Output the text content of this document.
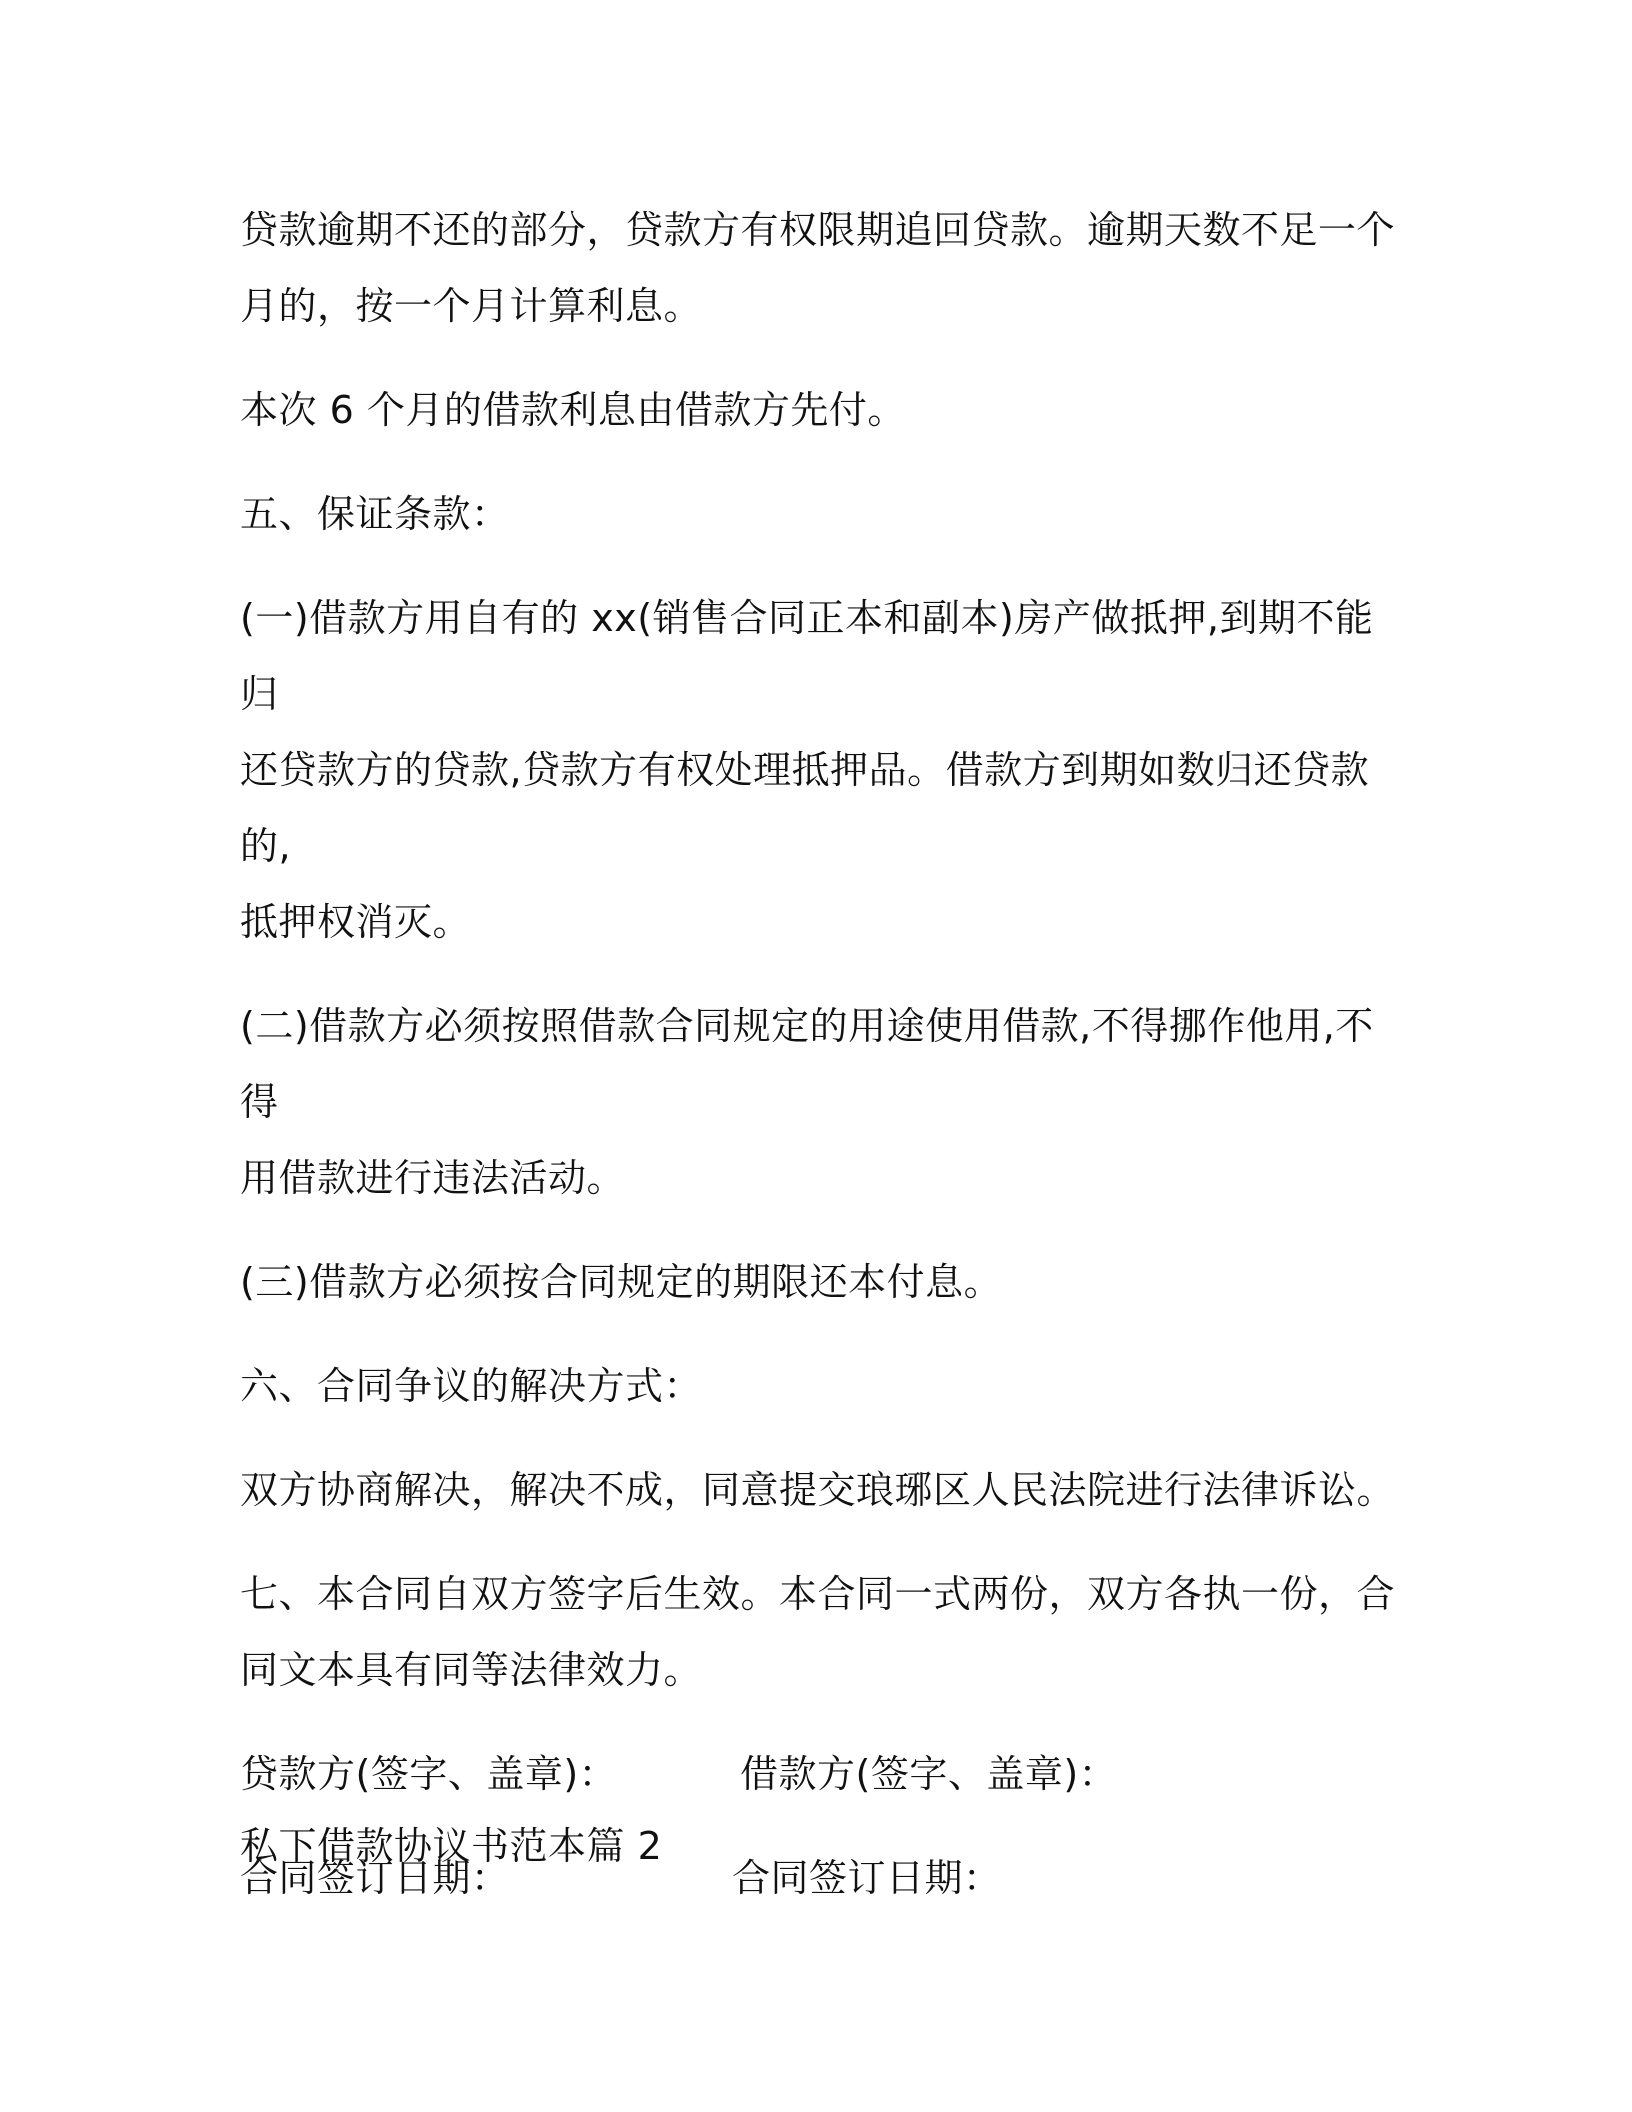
贷款逾期不还的部分，贷款方有权限期追回贷款。逾期天数不足一个
月的，按一个月计算利息。

本次 6 个月的借款利息由借款方先付。

五、保证条款：

(一)借款方用自有的 xx(销售合同正本和副本)房产做抵押,到期不能归
还贷款方的贷款,贷款方有权处理抵押品。借款方到期如数归还贷款的,
抵押权消灭。

(二)借款方必须按照借款合同规定的用途使用借款,不得挪作他用,不得
用借款进行违法活动。

(三)借款方必须按合同规定的期限还本付息。

六、合同争议的解决方式：

双方协商解决，解决不成，同意提交琅琊区人民法院进行法律诉讼。

七、本合同自双方签字后生效。本合同一式两份，双方各执一份，合
同文本具有同等法律效力。

贷款方(签字、盖章)：	借款方(签字、盖章)：
合同签订日期：	合同签订日期：
私下借款协议书范本篇 2
